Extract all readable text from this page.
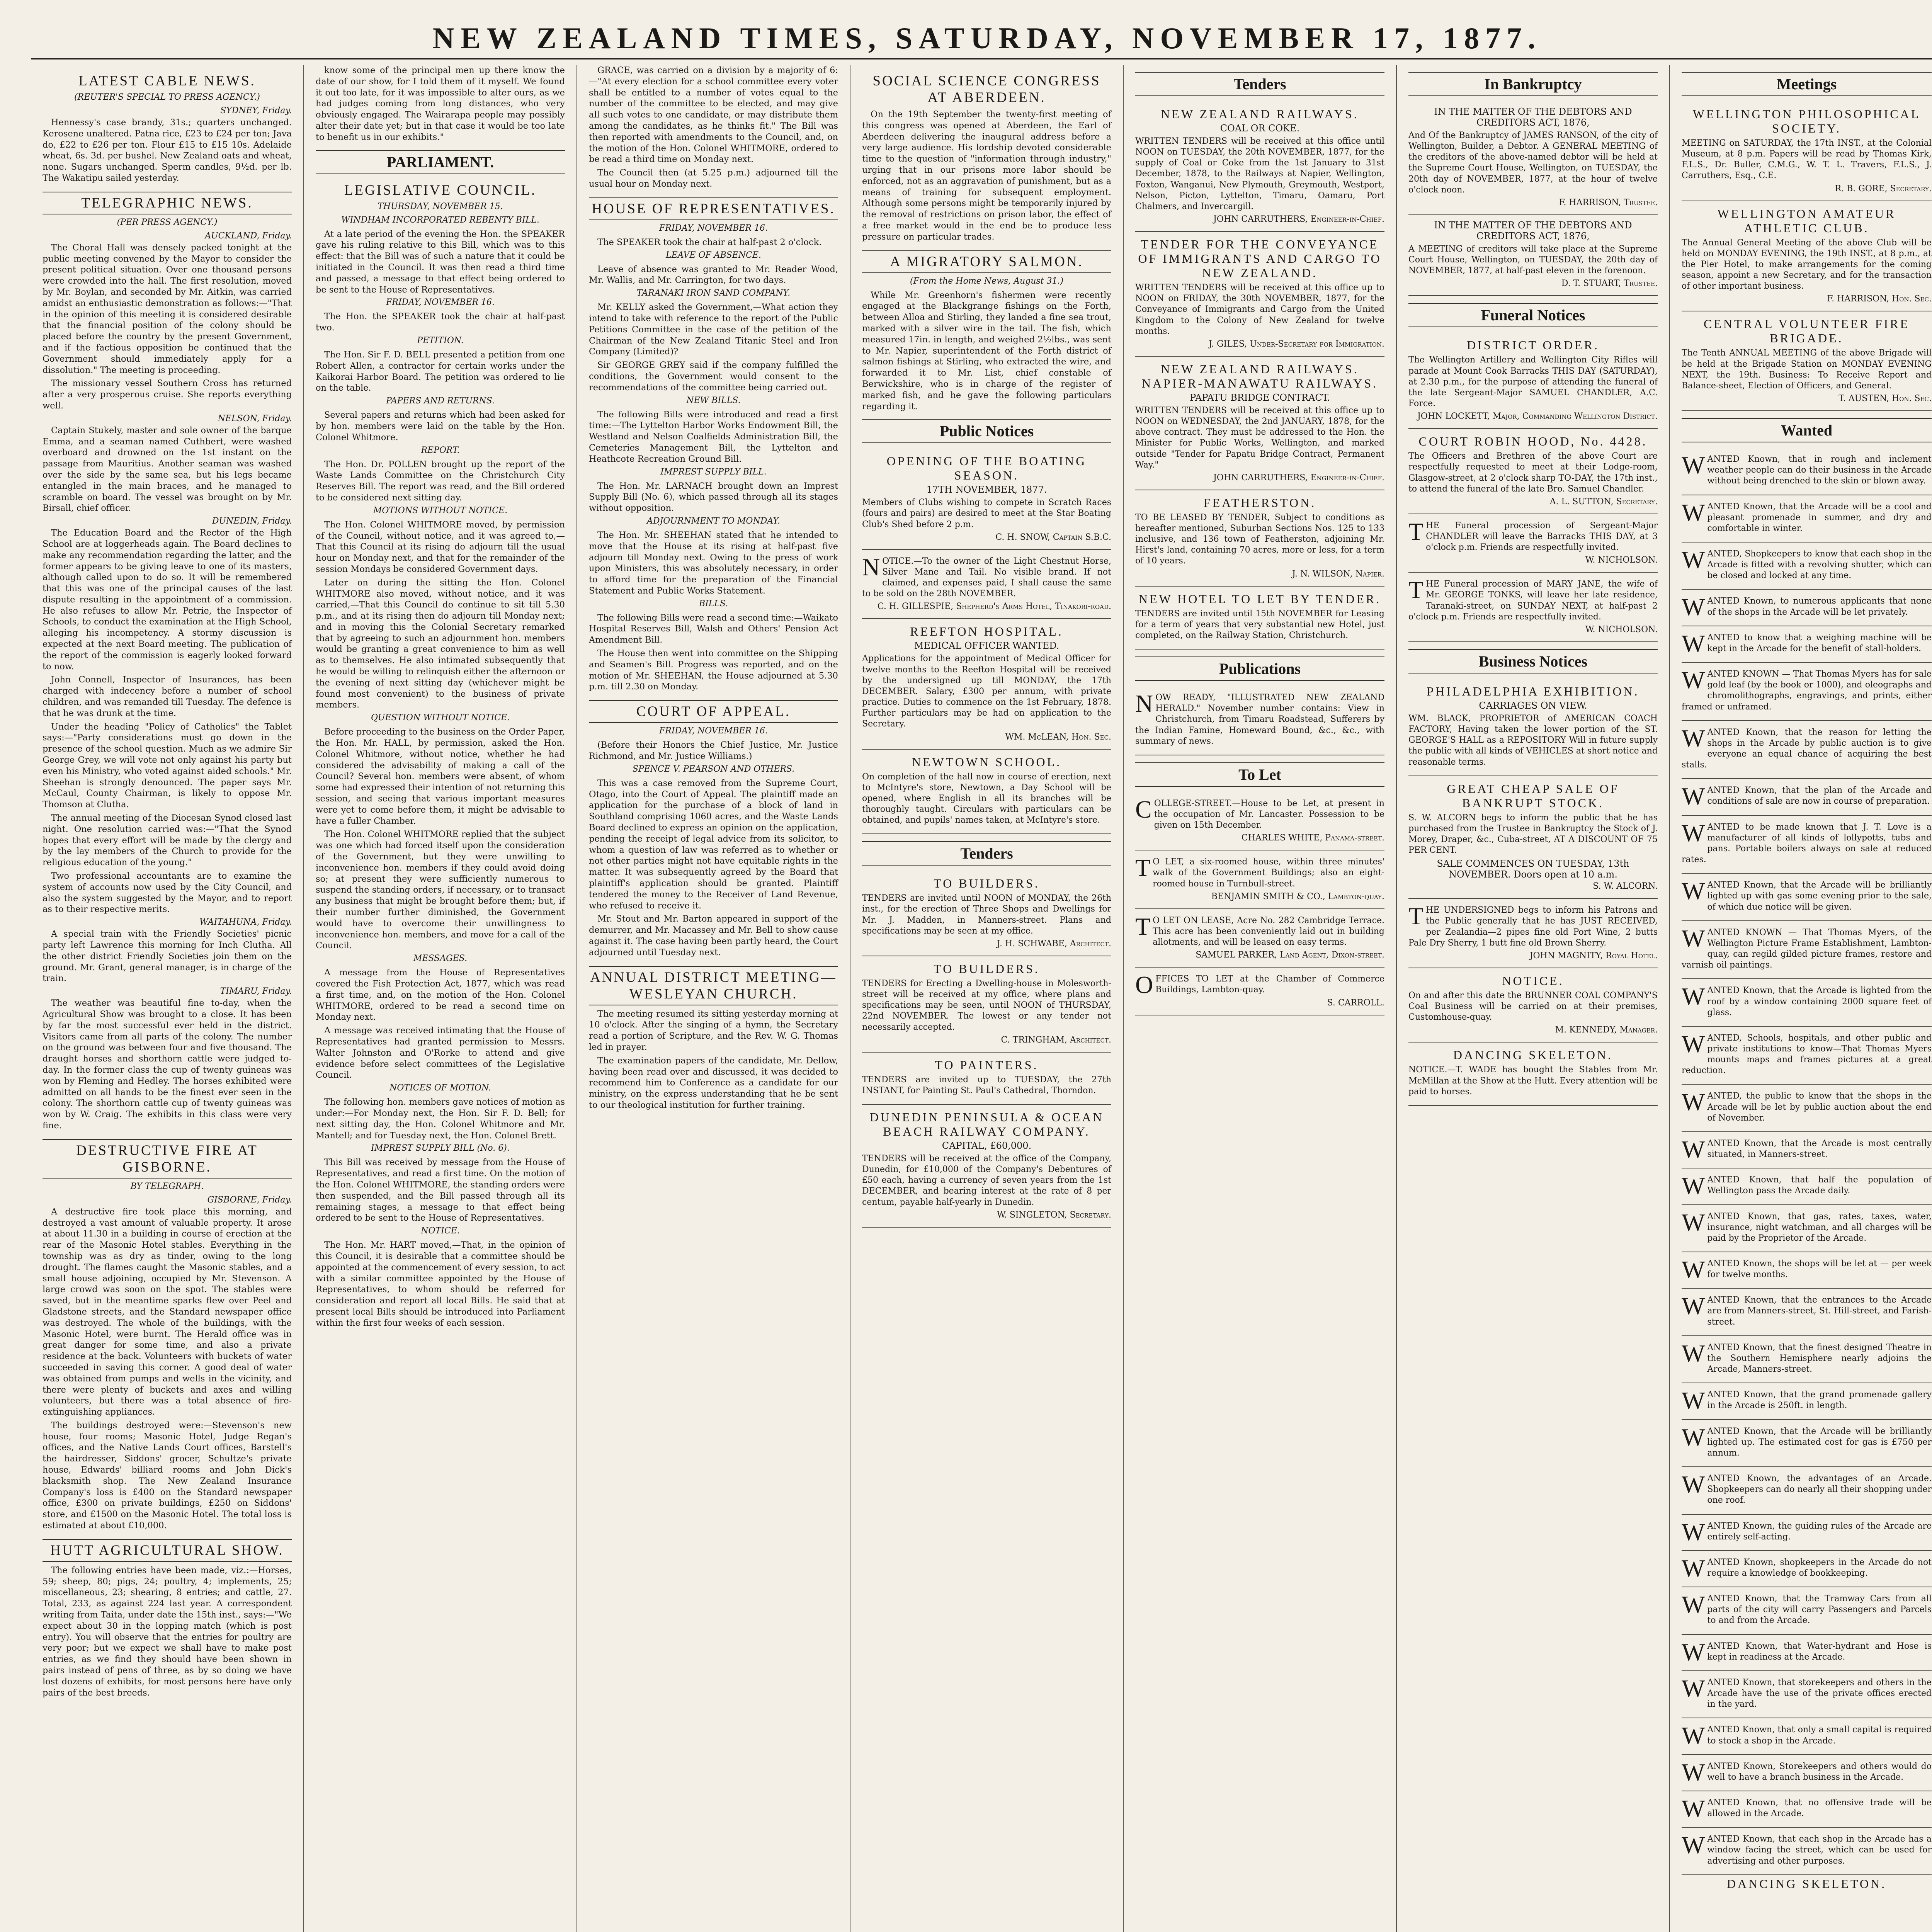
NEW ZEALAND TIMES, SATURDAY, NOVEMBER 17, 1877.
LATEST CABLE NEWS.
(REUTER'S SPECIAL TO PRESS AGENCY.)
SYDNEY, Friday.

Hennessy's case brandy, 31s.; quarters unchanged. Kerosene unaltered. Patna rice, £23 to £24 per ton; Java do, £22 to £26 per ton. Flour £15 to £15 10s. Adelaide wheat, 6s. 3d. per bushel. New Zealand oats and wheat, none. Sugars unchanged. Sperm candles, 9½d. per lb. The Wakatipu sailed yesterday.

TELEGRAPHIC NEWS.
(PER PRESS AGENCY.)
AUCKLAND, Friday.

The Choral Hall was densely packed tonight at the public meeting convened by the Mayor to consider the present political situation. Over one thousand persons were crowded into the hall. The first resolution, moved by Mr. Boylan, and seconded by Mr. Aitkin, was carried amidst an enthusiastic demonstration as follows:—"That in the opinion of this meeting it is considered desirable that the financial position of the colony should be placed before the country by the present Government, and if the factious opposition be continued that the Government should immediately apply for a dissolution." The meeting is proceeding.

The missionary vessel Southern Cross has returned after a very prosperous cruise. She reports everything well.

NELSON, Friday.

Captain Stukely, master and sole owner of the barque Emma, and a seaman named Cuthbert, were washed overboard and drowned on the 1st instant on the passage from Mauritius. Another seaman was washed over the side by the same sea, but his legs became entangled in the main braces, and he managed to scramble on board. The vessel was brought on by Mr. Birsall, chief officer.

DUNEDIN, Friday.

The Education Board and the Rector of the High School are at loggerheads again. The Board declines to make any recommendation regarding the latter, and the former appears to be giving leave to one of its masters, although called upon to do so. It will be remembered that this was one of the principal causes of the last dispute resulting in the appointment of a commission. He also refuses to allow Mr. Petrie, the Inspector of Schools, to conduct the examination at the High School, alleging his incompetency. A stormy discussion is expected at the next Board meeting. The publication of the report of the commission is eagerly looked forward to now.

John Connell, Inspector of Insurances, has been charged with indecency before a number of school children, and was remanded till Tuesday. The defence is that he was drunk at the time.

Under the heading "Policy of Catholics" the Tablet says:—"Party considerations must go down in the presence of the school question. Much as we admire Sir George Grey, we will vote not only against his party but even his Ministry, who voted against aided schools." Mr. Sheehan is strongly denounced. The paper says Mr. McCaul, County Chairman, is likely to oppose Mr. Thomson at Clutha.

The annual meeting of the Diocesan Synod closed last night. One resolution carried was:—"That the Synod hopes that every effort will be made by the clergy and by the lay members of the Church to provide for the religious education of the young."

Two professional accountants are to examine the system of accounts now used by the City Council, and also the system suggested by the Mayor, and to report as to their respective merits.

WAITAHUNA, Friday.

A special train with the Friendly Societies' picnic party left Lawrence this morning for Inch Clutha. All the other district Friendly Societies join them on the ground. Mr. Grant, general manager, is in charge of the train.

TIMARU, Friday.

The weather was beautiful fine to-day, when the Agricultural Show was brought to a close. It has been by far the most successful ever held in the district. Visitors came from all parts of the colony. The number on the ground was between four and five thousand. The draught horses and shorthorn cattle were judged to-day. In the former class the cup of twenty guineas was won by Fleming and Hedley. The horses exhibited were admitted on all hands to be the finest ever seen in the colony. The shorthorn cattle cup of twenty guineas was won by W. Craig. The exhibits in this class were very fine.

DESTRUCTIVE FIRE AT GISBORNE.
BY TELEGRAPH.
GISBORNE, Friday.

A destructive fire took place this morning, and destroyed a vast amount of valuable property. It arose at about 11.30 in a building in course of erection at the rear of the Masonic Hotel stables. Everything in the township was as dry as tinder, owing to the long drought. The flames caught the Masonic stables, and a small house adjoining, occupied by Mr. Stevenson. A large crowd was soon on the spot. The stables were saved, but in the meantime sparks flew over Peel and Gladstone streets, and the Standard newspaper office was destroyed. The whole of the buildings, with the Masonic Hotel, were burnt. The Herald office was in great danger for some time, and also a private residence at the back. Volunteers with buckets of water succeeded in saving this corner. A good deal of water was obtained from pumps and wells in the vicinity, and there were plenty of buckets and axes and willing volunteers, but there was a total absence of fire-extinguishing appliances.

The buildings destroyed were:—Stevenson's new house, four rooms; Masonic Hotel, Judge Regan's offices, and the Native Lands Court offices, Barstell's the hairdresser, Siddons' grocer, Schultze's private house, Edwards' billiard rooms and John Dick's blacksmith shop. The New Zealand Insurance Company's loss is £400 on the Standard newspaper office, £300 on private buildings, £250 on Siddons' store, and £1500 on the Masonic Hotel. The total loss is estimated at about £10,000.

HUTT AGRICULTURAL SHOW.

The following entries have been made, viz.:—Horses, 59; sheep, 80; pigs, 24; poultry, 4; implements, 25; miscellaneous, 23; shearing, 8 entries; and cattle, 27. Total, 233, as against 224 last year. A correspondent writing from Taita, under date the 15th inst., says:—"We expect about 30 in the lopping match (which is post entry). You will observe that the entries for poultry are very poor; but we expect we shall have to make post entries, as we find they should have been shown in pairs instead of pens of three, as by so doing we have lost dozens of exhibits, for most persons here have only pairs of the best breeds.

know some of the principal men up there know the date of our show, for I told them of it myself. We found it out too late, for it was impossible to alter ours, as we had judges coming from long distances, who very obviously engaged. The Wairarapa people may possibly alter their date yet; but in that case it would be too late to benefit us in our exhibits."

PARLIAMENT.
LEGISLATIVE COUNCIL.
THURSDAY, NOVEMBER 15.
WINDHAM INCORPORATED REBENTY BILL.

At a late period of the evening the Hon. the SPEAKER gave his ruling relative to this Bill, which was to this effect: that the Bill was of such a nature that it could be initiated in the Council. It was then read a third time and passed, a message to that effect being ordered to be sent to the House of Representatives.

FRIDAY, NOVEMBER 16.

The Hon. the SPEAKER took the chair at half-past two.

PETITION.

The Hon. Sir F. D. BELL presented a petition from one Robert Allen, a contractor for certain works under the Kaikorai Harbor Board. The petition was ordered to lie on the table.

PAPERS AND RETURNS.

Several papers and returns which had been asked for by hon. members were laid on the table by the Hon. Colonel Whitmore.

REPORT.

The Hon. Dr. POLLEN brought up the report of the Waste Lands Committee on the Christchurch City Reserves Bill. The report was read, and the Bill ordered to be considered next sitting day.

MOTIONS WITHOUT NOTICE.

The Hon. Colonel WHITMORE moved, by permission of the Council, without notice, and it was agreed to,—That this Council at its rising do adjourn till the usual hour on Monday next, and that for the remainder of the session Mondays be considered Government days.

Later on during the sitting the Hon. Colonel WHITMORE also moved, without notice, and it was carried,—That this Council do continue to sit till 5.30 p.m., and at its rising then do adjourn till Monday next; and in moving this the Colonial Secretary remarked that by agreeing to such an adjournment hon. members would be granting a great convenience to him as well as to themselves. He also intimated subsequently that he would be willing to relinquish either the afternoon or the evening of next sitting day (whichever might be found most convenient) to the business of private members.

QUESTION WITHOUT NOTICE.

Before proceeding to the business on the Order Paper, the Hon. Mr. HALL, by permission, asked the Hon. Colonel Whitmore, without notice, whether he had considered the advisability of making a call of the Council? Several hon. members were absent, of whom some had expressed their intention of not returning this session, and seeing that various important measures were yet to come before them, it might be advisable to have a fuller Chamber.

The Hon. Colonel WHITMORE replied that the subject was one which had forced itself upon the consideration of the Government, but they were unwilling to inconvenience hon. members if they could avoid doing so; at present they were sufficiently numerous to suspend the standing orders, if necessary, or to transact any business that might be brought before them; but, if their number further diminished, the Government would have to overcome their unwillingness to inconvenience hon. members, and move for a call of the Council.

MESSAGES.

A message from the House of Representatives covered the Fish Protection Act, 1877, which was read a first time, and, on the motion of the Hon. Colonel WHITMORE, ordered to be read a second time on Monday next.

A message was received intimating that the House of Representatives had granted permission to Messrs. Walter Johnston and O'Rorke to attend and give evidence before select committees of the Legislative Council.

NOTICES OF MOTION.

The following hon. members gave notices of motion as under:—For Monday next, the Hon. Sir F. D. Bell; for next sitting day, the Hon. Colonel Whitmore and Mr. Mantell; and for Tuesday next, the Hon. Colonel Brett.

IMPREST SUPPLY BILL (No. 6).

This Bill was received by message from the House of Representatives, and read a first time. On the motion of the Hon. Colonel WHITMORE, the standing orders were then suspended, and the Bill passed through all its remaining stages, a message to that effect being ordered to be sent to the House of Representatives.

NOTICE.

The Hon. Mr. HART moved,—That, in the opinion of this Council, it is desirable that a committee should be appointed at the commencement of every session, to act with a similar committee appointed by the House of Representatives, to whom should be referred for consideration and report all local Bills. He said that at present local Bills should be introduced into Parliament within the first four weeks of each session.

GRACE, was carried on a division by a majority of 6:—"At every election for a school committee every voter shall be entitled to a number of votes equal to the number of the committee to be elected, and may give all such votes to one candidate, or may distribute them among the candidates, as he thinks fit." The Bill was then reported with amendments to the Council, and, on the motion of the Hon. Colonel WHITMORE, ordered to be read a third time on Monday next.

The Council then (at 5.25 p.m.) adjourned till the usual hour on Monday next.

HOUSE OF REPRESENTATIVES.
FRIDAY, NOVEMBER 16.

The SPEAKER took the chair at half-past 2 o'clock.

LEAVE OF ABSENCE.

Leave of absence was granted to Mr. Reader Wood, Mr. Wallis, and Mr. Carrington, for two days.

TARANAKI IRON SAND COMPANY.

Mr. KELLY asked the Government,—What action they intend to take with reference to the report of the Public Petitions Committee in the case of the petition of the Chairman of the New Zealand Titanic Steel and Iron Company (Limited)?

Sir GEORGE GREY said if the company fulfilled the conditions, the Government would consent to the recommendations of the committee being carried out.

NEW BILLS.

The following Bills were introduced and read a first time:—The Lyttelton Harbor Works Endowment Bill, the Westland and Nelson Coalfields Administration Bill, the Cemeteries Management Bill, the Lyttelton and Heathcote Recreation Ground Bill.

IMPREST SUPPLY BILL.

The Hon. Mr. LARNACH brought down an Imprest Supply Bill (No. 6), which passed through all its stages without opposition.

ADJOURNMENT TO MONDAY.

The Hon. Mr. SHEEHAN stated that he intended to move that the House at its rising at half-past five adjourn till Monday next. Owing to the press of work upon Ministers, this was absolutely necessary, in order to afford time for the preparation of the Financial Statement and Public Works Statement.

BILLS.

The following Bills were read a second time:—Waikato Hospital Reserves Bill, Walsh and Others' Pension Act Amendment Bill.

The House then went into committee on the Shipping and Seamen's Bill. Progress was reported, and on the motion of Mr. SHEEHAN, the House adjourned at 5.30 p.m. till 2.30 on Monday.

COURT OF APPEAL.
FRIDAY, NOVEMBER 16.

(Before their Honors the Chief Justice, Mr. Justice Richmond, and Mr. Justice Williams.)

SPENCE V. PEARSON AND OTHERS.

This was a case removed from the Supreme Court, Otago, into the Court of Appeal. The plaintiff made an application for the purchase of a block of land in Southland comprising 1060 acres, and the Waste Lands Board declined to express an opinion on the application, pending the receipt of legal advice from its solicitor, to whom a question of law was referred as to whether or not other parties might not have equitable rights in the matter. It was subsequently agreed by the Board that plaintiff's application should be granted. Plaintiff tendered the money to the Receiver of Land Revenue, who refused to receive it.

Mr. Stout and Mr. Barton appeared in support of the demurrer, and Mr. Macassey and Mr. Bell to show cause against it. The case having been partly heard, the Court adjourned until Tuesday next.

ANNUAL DISTRICT MEETING—WESLEYAN CHURCH.

The meeting resumed its sitting yesterday morning at 10 o'clock. After the singing of a hymn, the Secretary read a portion of Scripture, and the Rev. W. G. Thomas led in prayer.

The examination papers of the candidate, Mr. Dellow, having been read over and discussed, it was decided to recommend him to Conference as a candidate for our ministry, on the express understanding that he be sent to our theological institution for further training.

SOCIAL SCIENCE CONGRESS AT ABERDEEN.

On the 19th September the twenty-first meeting of this congress was opened at Aberdeen, the Earl of Aberdeen delivering the inaugural address before a very large audience. His lordship devoted considerable time to the question of "information through industry," urging that in our prisons more labor should be enforced, not as an aggravation of punishment, but as a means of training for subsequent employment. Although some persons might be temporarily injured by the removal of restrictions on prison labor, the effect of a free market would in the end be to produce less pressure on particular trades.

A MIGRATORY SALMON.
(From the Home News, August 31.)

While Mr. Greenhorn's fishermen were recently engaged at the Blackgrange fishings on the Forth, between Alloa and Stirling, they landed a fine sea trout, marked with a silver wire in the tail. The fish, which measured 17in. in length, and weighed 2½lbs., was sent to Mr. Napier, superintendent of the Forth district of salmon fishings at Stirling, who extracted the wire, and forwarded it to Mr. List, chief constable of Berwickshire, who is in charge of the register of marked fish, and he gave the following particulars regarding it.

Public Notices
OPENING OF THE BOATING SEASON.
17TH NOVEMBER, 1877.

Members of Clubs wishing to compete in Scratch Races (fours and pairs) are desired to meet at the Star Boating Club's Shed before 2 p.m.

C. H. SNOW, Captain S.B.C.

NOTICE.—To the owner of the Light Chestnut Horse, Silver Mane and Tail. No visible brand. If not claimed, and expenses paid, I shall cause the same to be sold on the 28th NOVEMBER.

C. H. GILLESPIE, Shepherd's Arms Hotel, Tinakori-road.
REEFTON HOSPITAL.
MEDICAL OFFICER WANTED.

Applications for the appointment of Medical Officer for twelve months to the Reefton Hospital will be received by the undersigned up till MONDAY, the 17th DECEMBER. Salary, £300 per annum, with private practice. Duties to commence on the 1st February, 1878. Further particulars may be had on application to the Secretary.

WM. McLEAN, Hon. Sec.
NEWTOWN SCHOOL.

On completion of the hall now in course of erection, next to McIntyre's store, Newtown, a Day School will be opened, where English in all its branches will be thoroughly taught. Circulars with particulars can be obtained, and pupils' names taken, at McIntyre's store.

Tenders
TO BUILDERS.

TENDERS are invited until NOON of MONDAY, the 26th inst., for the erection of Three Shops and Dwellings for Mr. J. Madden, in Manners-street. Plans and specifications may be seen at my office.

J. H. SCHWABE, Architect.
TO BUILDERS.

TENDERS for Erecting a Dwelling-house in Molesworth-street will be received at my office, where plans and specifications may be seen, until NOON of THURSDAY, 22nd NOVEMBER. The lowest or any tender not necessarily accepted.

C. TRINGHAM, Architect.
TO PAINTERS.

TENDERS are invited up to TUESDAY, the 27th INSTANT, for Painting St. Paul's Cathedral, Thorndon.

DUNEDIN PENINSULA & OCEAN BEACH RAILWAY COMPANY.
CAPITAL, £60,000.

TENDERS will be received at the office of the Company, Dunedin, for £10,000 of the Company's Debentures of £50 each, having a currency of seven years from the 1st DECEMBER, and bearing interest at the rate of 8 per centum, payable half-yearly in Dunedin.

W. SINGLETON, Secretary.
Tenders
NEW ZEALAND RAILWAYS.
COAL OR COKE.

WRITTEN TENDERS will be received at this office until NOON on TUESDAY, the 20th NOVEMBER, 1877, for the supply of Coal or Coke from the 1st January to 31st December, 1878, to the Railways at Napier, Wellington, Foxton, Wanganui, New Plymouth, Greymouth, Westport, Nelson, Picton, Lyttelton, Timaru, Oamaru, Port Chalmers, and Invercargill.

JOHN CARRUTHERS, Engineer-in-Chief.
TENDER FOR THE CONVEYANCE OF IMMIGRANTS AND CARGO TO NEW ZEALAND.

WRITTEN TENDERS will be received at this office up to NOON on FRIDAY, the 30th NOVEMBER, 1877, for the Conveyance of Immigrants and Cargo from the United Kingdom to the Colony of New Zealand for twelve months.

J. GILES, Under-Secretary for Immigration.
NEW ZEALAND RAILWAYS. NAPIER-MANAWATU RAILWAYS.
PAPATU BRIDGE CONTRACT.

WRITTEN TENDERS will be received at this office up to NOON on WEDNESDAY, the 2nd JANUARY, 1878, for the above contract. They must be addressed to the Hon. the Minister for Public Works, Wellington, and marked outside "Tender for Papatu Bridge Contract, Permanent Way."

JOHN CARRUTHERS, Engineer-in-Chief.
FEATHERSTON.

TO BE LEASED BY TENDER, Subject to conditions as hereafter mentioned, Suburban Sections Nos. 125 to 133 inclusive, and 136 town of Featherston, adjoining Mr. Hirst's land, containing 70 acres, more or less, for a term of 10 years.

J. N. WILSON, Napier.
NEW HOTEL TO LET BY TENDER.

TENDERS are invited until 15th NOVEMBER for Leasing for a term of years that very substantial new Hotel, just completed, on the Railway Station, Christchurch.

Publications

NOW READY, "ILLUSTRATED NEW ZEALAND HERALD." November number contains: View in Christchurch, from Timaru Roadstead, Sufferers by the Indian Famine, Homeward Bound, &c., &c., with summary of news.

To Let

COLLEGE-STREET.—House to be Let, at present in the occupation of Mr. Lancaster. Possession to be given on 15th December.

CHARLES WHITE, Panama-street.

TO LET, a six-roomed house, within three minutes' walk of the Government Buildings; also an eight-roomed house in Turnbull-street.

BENJAMIN SMITH & CO., Lambton-quay.

TO LET ON LEASE, Acre No. 282 Cambridge Terrace. This acre has been conveniently laid out in building allotments, and will be leased on easy terms.

SAMUEL PARKER, Land Agent, Dixon-street.

OFFICES TO LET at the Chamber of Commerce Buildings, Lambton-quay.

S. CARROLL.
In Bankruptcy
IN THE MATTER OF THE DEBTORS AND CREDITORS ACT, 1876,

And Of the Bankruptcy of JAMES RANSON, of the city of Wellington, Builder, a Debtor. A GENERAL MEETING of the creditors of the above-named debtor will be held at the Supreme Court House, Wellington, on TUESDAY, the 20th day of NOVEMBER, 1877, at the hour of twelve o'clock noon.

F. HARRISON, Trustee.
IN THE MATTER OF THE DEBTORS AND CREDITORS ACT, 1876,

A MEETING of creditors will take place at the Supreme Court House, Wellington, on TUESDAY, the 20th day of NOVEMBER, 1877, at half-past eleven in the forenoon.

D. T. STUART, Trustee.
Funeral Notices
DISTRICT ORDER.

The Wellington Artillery and Wellington City Rifles will parade at Mount Cook Barracks THIS DAY (SATURDAY), at 2.30 p.m., for the purpose of attending the funeral of the late Sergeant-Major SAMUEL CHANDLER, A.C. Force.

JOHN LOCKETT, Major, Commanding Wellington District.
COURT ROBIN HOOD, No. 4428.

The Officers and Brethren of the above Court are respectfully requested to meet at their Lodge-room, Glasgow-street, at 2 o'clock sharp TO-DAY, the 17th inst., to attend the funeral of the late Bro. Samuel Chandler.

A. L. SUTTON, Secretary.

THE Funeral procession of Sergeant-Major CHANDLER will leave the Barracks THIS DAY, at 3 o'clock p.m. Friends are respectfully invited.

W. NICHOLSON.

THE Funeral procession of MARY JANE, the wife of Mr. GEORGE TONKS, will leave her late residence, Taranaki-street, on SUNDAY NEXT, at half-past 2 o'clock p.m. Friends are respectfully invited.

W. NICHOLSON.
Business Notices
PHILADELPHIA EXHIBITION.
CARRIAGES ON VIEW.

WM. BLACK, PROPRIETOR of AMERICAN COACH FACTORY, Having taken the lower portion of the ST. GEORGE'S HALL as a REPOSITORY Will in future supply the public with all kinds of VEHICLES at short notice and reasonable terms.

GREAT CHEAP SALE OF BANKRUPT STOCK.

S. W. ALCORN begs to inform the public that he has purchased from the Trustee in Bankruptcy the Stock of J. Morey, Draper, &c., Cuba-street, AT A DISCOUNT OF 75 PER CENT.

SALE COMMENCES ON TUESDAY, 13th NOVEMBER. Doors open at 10 a.m.
S. W. ALCORN.

THE UNDERSIGNED begs to inform his Patrons and the Public generally that he has JUST RECEIVED, per Zealandia—2 pipes fine old Port Wine, 2 butts Pale Dry Sherry, 1 butt fine old Brown Sherry.

JOHN MAGNITY, Royal Hotel.
NOTICE.

On and after this date the BRUNNER COAL COMPANY'S Coal Business will be carried on at their premises, Customhouse-quay.

M. KENNEDY, Manager.
DANCING SKELETON.

NOTICE.—T. WADE has bought the Stables from Mr. McMillan at the Show at the Hutt. Every attention will be paid to horses.

Meetings
WELLINGTON PHILOSOPHICAL SOCIETY.

MEETING on SATURDAY, the 17th INST., at the Colonial Museum, at 8 p.m. Papers will be read by Thomas Kirk, F.L.S., Dr. Buller, C.M.G., W. T. L. Travers, F.L.S., J. Carruthers, Esq., C.E.

R. B. GORE, Secretary.
WELLINGTON AMATEUR ATHLETIC CLUB.

The Annual General Meeting of the above Club will be held on MONDAY EVENING, the 19th INST., at 8 p.m., at the Pier Hotel, to make arrangements for the coming season, appoint a new Secretary, and for the transaction of other important business.

F. HARRISON, Hon. Sec.
CENTRAL VOLUNTEER FIRE BRIGADE.

The Tenth ANNUAL MEETING of the above Brigade will be held at the Brigade Station on MONDAY EVENING NEXT, the 19th. Business: To Receive Report and Balance-sheet, Election of Officers, and General.

T. AUSTEN, Hon. Sec.
Wanted

WANTED Known, that in rough and inclement weather people can do their business in the Arcade without being drenched to the skin or blown away.

WANTED Known, that the Arcade will be a cool and pleasant promenade in summer, and dry and comfortable in winter.

WANTED, Shopkeepers to know that each shop in the Arcade is fitted with a revolving shutter, which can be closed and locked at any time.

WANTED Known, to numerous applicants that none of the shops in the Arcade will be let privately.

WANTED to know that a weighing machine will be kept in the Arcade for the benefit of stall-holders.

WANTED KNOWN — That Thomas Myers has for sale gold leaf (by the book or 1000), and oleographs and chromolithographs, engravings, and prints, either framed or unframed.

WANTED Known, that the reason for letting the shops in the Arcade by public auction is to give everyone an equal chance of acquiring the best stalls.

WANTED Known, that the plan of the Arcade and conditions of sale are now in course of preparation.

WANTED to be made known that J. T. Love is a manufacturer of all kinds of lollypotts, tubs and pans. Portable boilers always on sale at reduced rates.

WANTED Known, that the Arcade will be brilliantly lighted up with gas some evening prior to the sale, of which due notice will be given.

WANTED KNOWN — That Thomas Myers, of the Wellington Picture Frame Establishment, Lambton-quay, can regild gilded picture frames, restore and varnish oil paintings.

WANTED Known, that the Arcade is lighted from the roof by a window containing 2000 square feet of glass.

WANTED, Schools, hospitals, and other public and private institutions to know—That Thomas Myers mounts maps and frames pictures at a great reduction.

WANTED, the public to know that the shops in the Arcade will be let by public auction about the end of November.

WANTED Known, that the Arcade is most centrally situated, in Manners-street.

WANTED Known, that half the population of Wellington pass the Arcade daily.

WANTED Known, that gas, rates, taxes, water, insurance, night watchman, and all charges will be paid by the Proprietor of the Arcade.

WANTED Known, the shops will be let at — per week for twelve months.

WANTED Known, that the entrances to the Arcade are from Manners-street, St. Hill-street, and Farish-street.

WANTED Known, that the finest designed Theatre in the Southern Hemisphere nearly adjoins the Arcade, Manners-street.

WANTED Known, that the grand promenade gallery in the Arcade is 250ft. in length.

WANTED Known, that the Arcade will be brilliantly lighted up. The estimated cost for gas is £750 per annum.

WANTED Known, the advantages of an Arcade. Shopkeepers can do nearly all their shopping under one roof.

WANTED Known, the guiding rules of the Arcade are entirely self-acting.

WANTED Known, shopkeepers in the Arcade do not require a knowledge of bookkeeping.

WANTED Known, that the Tramway Cars from all parts of the city will carry Passengers and Parcels to and from the Arcade.

WANTED Known, that Water-hydrant and Hose is kept in readiness at the Arcade.

WANTED Known, that storekeepers and others in the Arcade have the use of the private offices erected in the yard.

WANTED Known, that only a small capital is required to stock a shop in the Arcade.

WANTED Known, Storekeepers and others would do well to have a branch business in the Arcade.

WANTED Known, that no offensive trade will be allowed in the Arcade.

WANTED Known, that each shop in the Arcade has a window facing the street, which can be used for advertising and other purposes.

DANCING SKELETON.
